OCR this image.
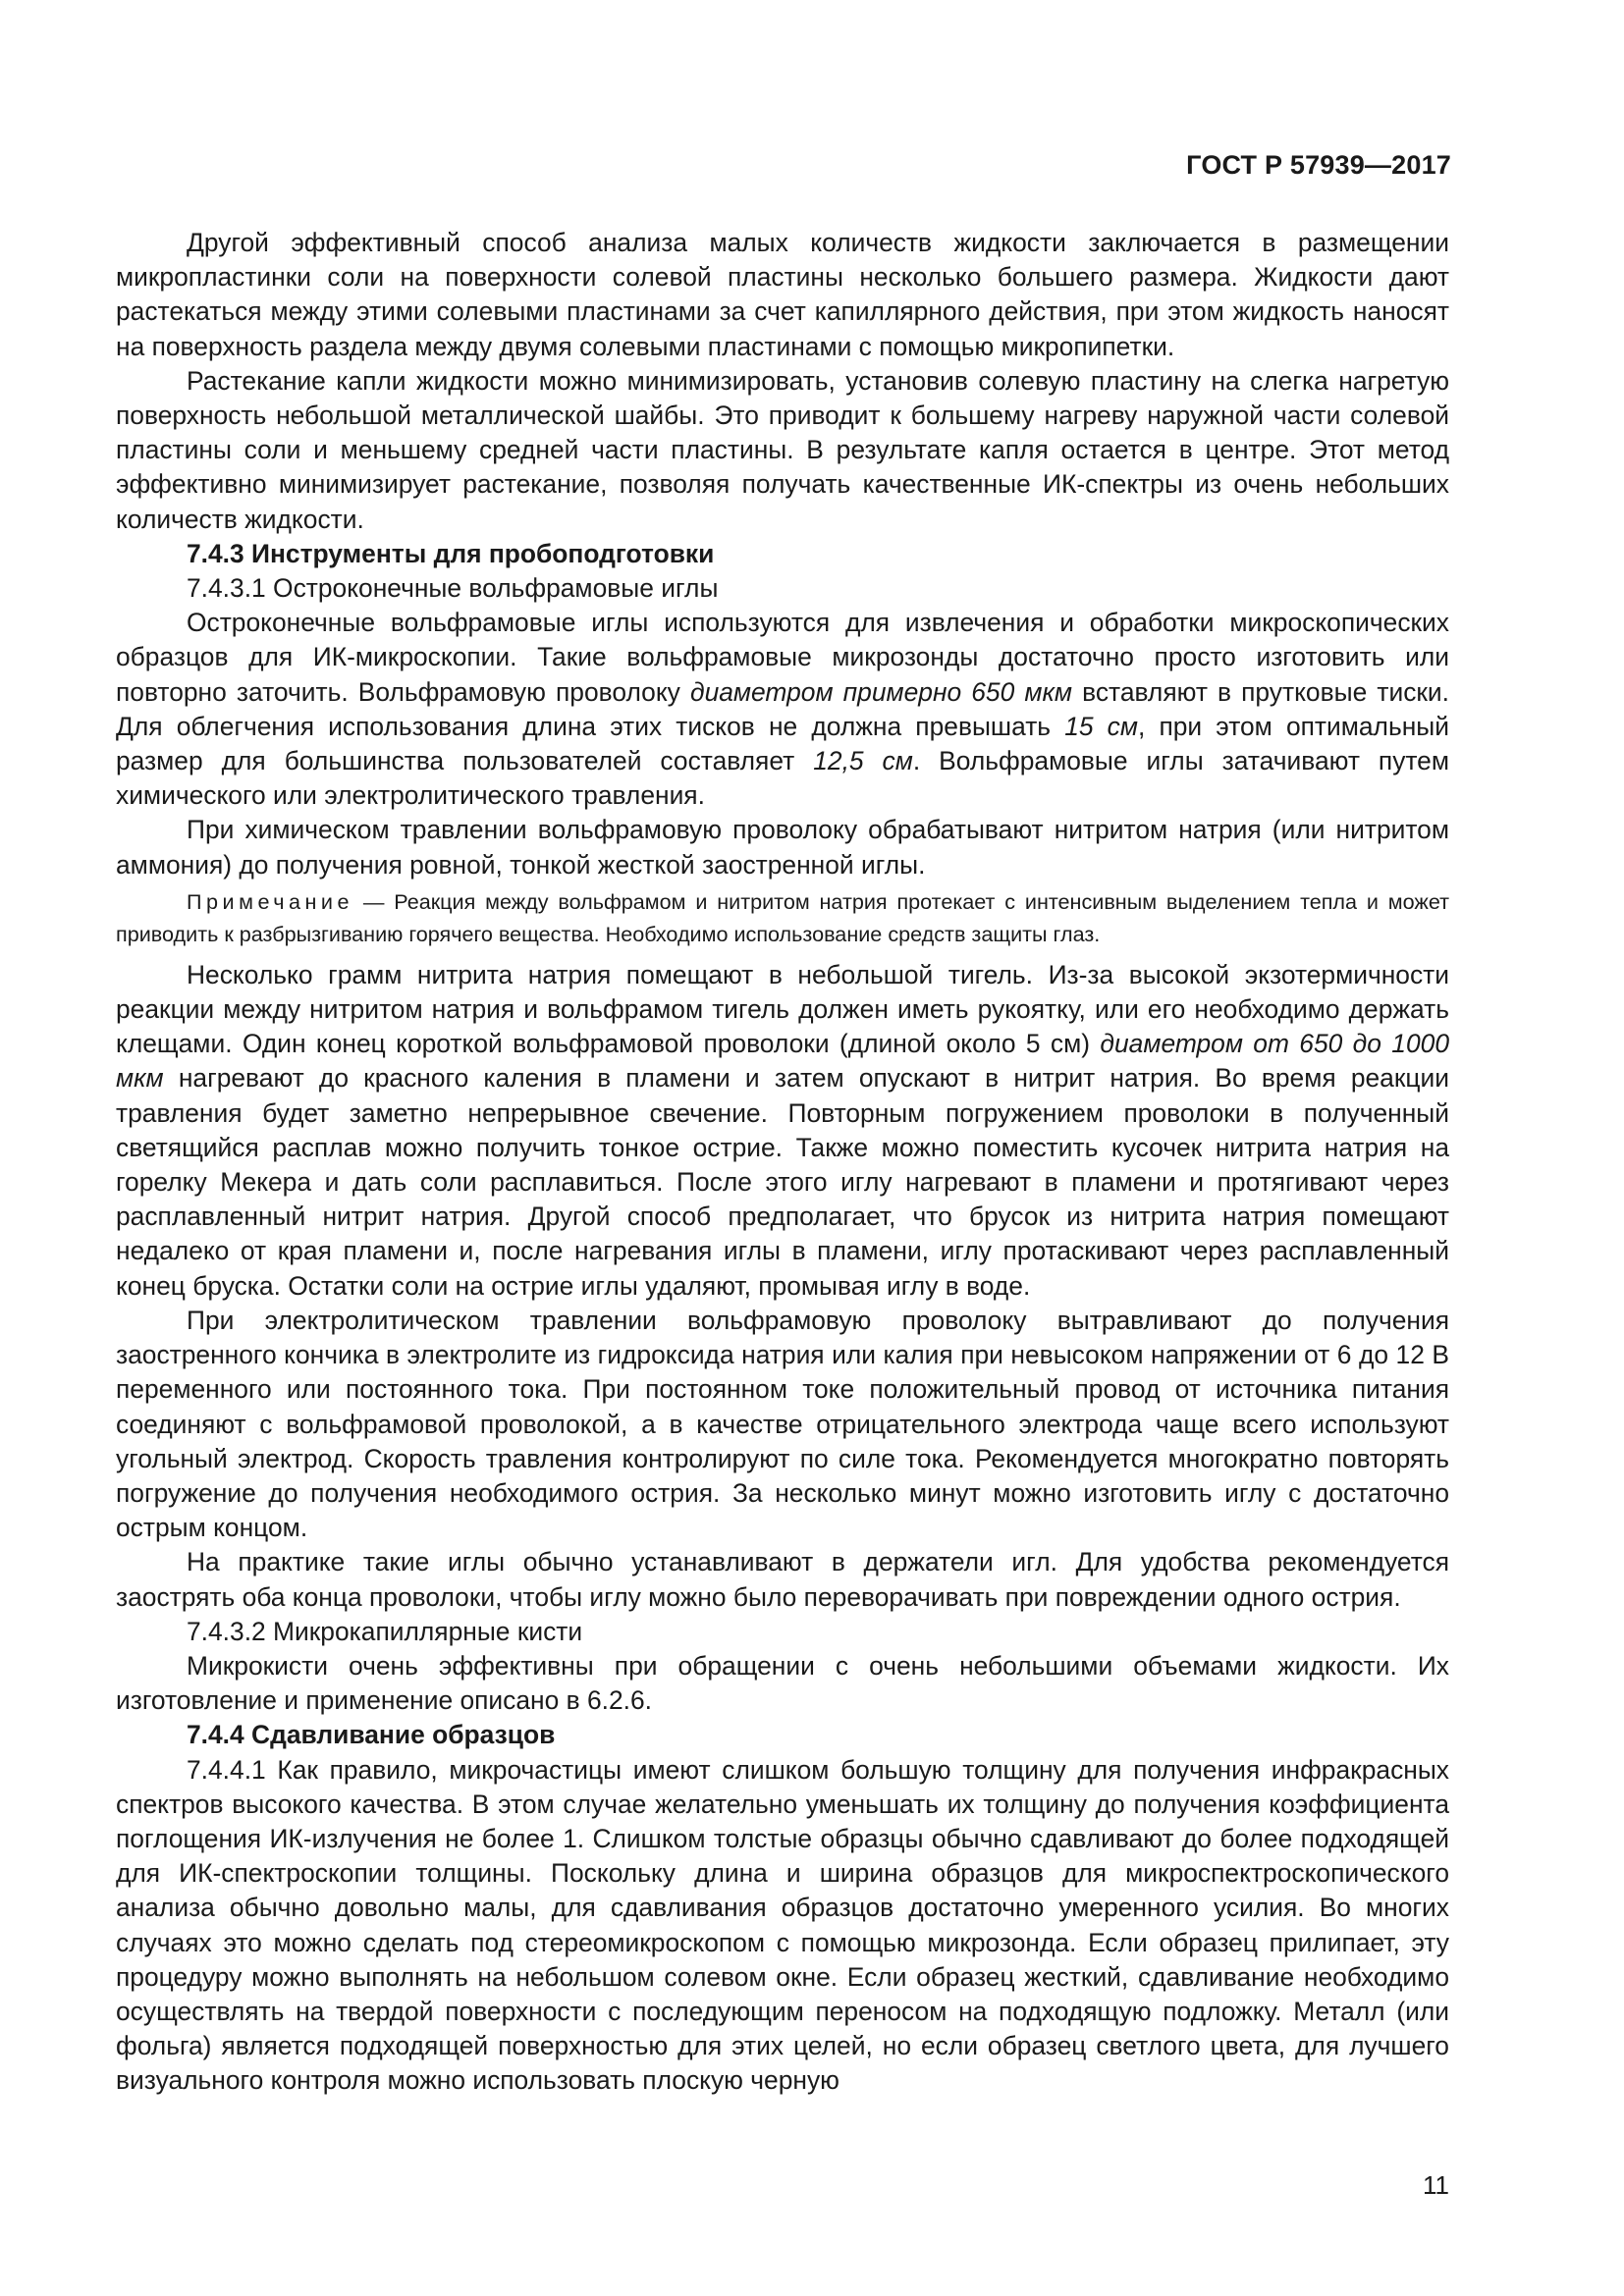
ГОСТ Р 57939—2017

Другой эффективный способ анализа малых количеств жидкости заключается в размещении микропластинки соли на поверхности солевой пластины несколько большего размера. Жидкости дают растекаться между этими солевыми пластинами за счет капиллярного действия, при этом жидкость наносят на поверхность раздела между двумя солевыми пластинами с помощью микропипетки.

Растекание капли жидкости можно минимизировать, установив солевую пластину на слегка нагретую поверхность небольшой металлической шайбы. Это приводит к большему нагреву наружной части солевой пластины соли и меньшему средней части пластины. В результате капля остается в центре. Этот метод эффективно минимизирует растекание, позволяя получать качественные ИК-спектры из очень небольших количеств жидкости.

7.4.3 Инструменты для пробоподготовки

7.4.3.1 Остроконечные вольфрамовые иглы

Остроконечные вольфрамовые иглы используются для извлечения и обработки микроскопических образцов для ИК-микроскопии. Такие вольфрамовые микрозонды достаточно просто изготовить или повторно заточить. Вольфрамовую проволоку диаметром примерно 650 мкм вставляют в прутковые тиски. Для облегчения использования длина этих тисков не должна превышать 15 см, при этом оптимальный размер для большинства пользователей составляет 12,5 см. Вольфрамовые иглы затачивают путем химического или электролитического травления.

При химическом травлении вольфрамовую проволоку обрабатывают нитритом натрия (или нитритом аммония) до получения ровной, тонкой жесткой заостренной иглы.

Примечание — Реакция между вольфрамом и нитритом натрия протекает с интенсивным выделением тепла и может приводить к разбрызгиванию горячего вещества. Необходимо использование средств защиты глаз.

Несколько грамм нитрита натрия помещают в небольшой тигель. Из-за высокой экзотермичности реакции между нитритом натрия и вольфрамом тигель должен иметь рукоятку, или его необходимо держать клещами. Один конец короткой вольфрамовой проволоки (длиной около 5 см) диаметром от 650 до 1000 мкм нагревают до красного каления в пламени и затем опускают в нитрит натрия. Во время реакции травления будет заметно непрерывное свечение. Повторным погружением проволоки в полученный светящийся расплав можно получить тонкое острие. Также можно поместить кусочек нитрита натрия на горелку Мекера и дать соли расплавиться. После этого иглу нагревают в пламени и протягивают через расплавленный нитрит натрия. Другой способ предполагает, что брусок из нитрита натрия помещают недалеко от края пламени и, после нагревания иглы в пламени, иглу протаскивают через расплавленный конец бруска. Остатки соли на острие иглы удаляют, промывая иглу в воде.

При электролитическом травлении вольфрамовую проволоку вытравливают до получения заостренного кончика в электролите из гидроксида натрия или калия при невысоком напряжении от 6 до 12 В переменного или постоянного тока. При постоянном токе положительный провод от источника питания соединяют с вольфрамовой проволокой, а в качестве отрицательного электрода чаще всего используют угольный электрод. Скорость травления контролируют по силе тока. Рекомендуется многократно повторять погружение до получения необходимого острия. За несколько минут можно изготовить иглу с достаточно острым концом.

На практике такие иглы обычно устанавливают в держатели игл. Для удобства рекомендуется заострять оба конца проволоки, чтобы иглу можно было переворачивать при повреждении одного острия.

7.4.3.2 Микрокапиллярные кисти

Микрокисти очень эффективны при обращении с очень небольшими объемами жидкости. Их изготовление и применение описано в 6.2.6.

7.4.4 Сдавливание образцов

7.4.4.1 Как правило, микрочастицы имеют слишком большую толщину для получения инфракрасных спектров высокого качества. В этом случае желательно уменьшать их толщину до получения коэффициента поглощения ИК-излучения не более 1. Слишком толстые образцы обычно сдавливают до более подходящей для ИК-спектроскопии толщины. Поскольку длина и ширина образцов для микроспектроскопического анализа обычно довольно малы, для сдавливания образцов достаточно умеренного усилия. Во многих случаях это можно сделать под стереомикроскопом с помощью микрозонда. Если образец прилипает, эту процедуру можно выполнять на небольшом солевом окне. Если образец жесткий, сдавливание необходимо осуществлять на твердой поверхности с последующим переносом на подходящую подложку. Металл (или фольга) является подходящей поверхностью для этих целей, но если образец светлого цвета, для лучшего визуального контроля можно использовать плоскую черную

11
